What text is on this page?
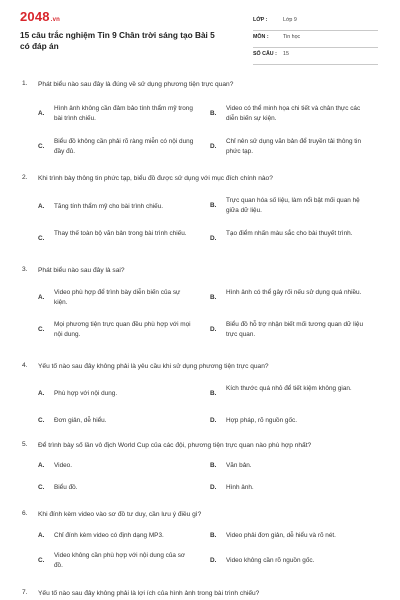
2048.vn
15 câu trắc nghiệm Tin 9 Chân trời sáng tạo Bài 5 có đáp án
LỚP :	Lớp 9
MÔN :	Tin học
SỐ CÂU : 15
1. Phát biểu nào sau đây là đúng về sử dụng phương tiện trực quan?
A.
Hình ảnh không cần đảm bảo tính thẩm mỹ trong bài trình chiếu.
B.
Video có thể minh họa chi tiết và chân thực các diễn biến sự kiện.
C.
Biểu đồ không cần phải rõ ràng miễn có nội dung đầy đủ.
D.
Chỉ nên sử dụng văn bản để truyền tải thông tin phức tạp.
2. Khi trình bày thông tin phức tạp, biểu đồ được sử dụng với mục đích chính nào?
A. Tăng tính thẩm mỹ cho bài trình chiếu.	B.
Trực quan hóa số liệu, làm nổi bật mối quan hệ giữa dữ liệu.
C.
Thay thế toàn bộ văn bản trong bài trình chiếu.
D.
Tạo điểm nhấn màu sắc cho bài thuyết trình.
3. Phát biểu nào sau đây là sai?
A.
Video phù hợp để trình bày diễn biến của sự kiện.
B.
Hình ảnh có thể gây rối nếu sử dụng quá nhiều.
C.
Mọi phương tiện trực quan đều phù hợp với mọi nội dung.
D.
Biểu đồ hỗ trợ nhận biết mối tương quan dữ liệu trực quan.
4. Yếu tố nào sau đây không phải là yêu cầu khi sử dụng phương tiện trực quan?
A. Phù hợp với nội dung.	B.
Kích thước quá nhỏ để tiết kiệm không gian.
C. Đơn giản, dễ hiểu.	D. Hợp pháp, rõ nguồn gốc.
5. Để trình bày số lần vô địch World Cup của các đội, phương tiện trực quan nào phù hợp nhất?
A. Video.	B. Văn bản.
C. Biểu đồ.	D. Hình ảnh.
6. Khi đính kèm video vào sơ đồ tư duy, cần lưu ý điều gì?
A. Chỉ đính kèm video có định dạng MP3.	B. Video phải đơn giản, dễ hiểu và rõ nét.
C.
Video không cần phù hợp với nội dung của sơ đồ.
D. Video không cần rõ nguồn gốc.
7. Yếu tố nào sau đây không phải là lợi ích của hình ảnh trong bài trình chiếu?
